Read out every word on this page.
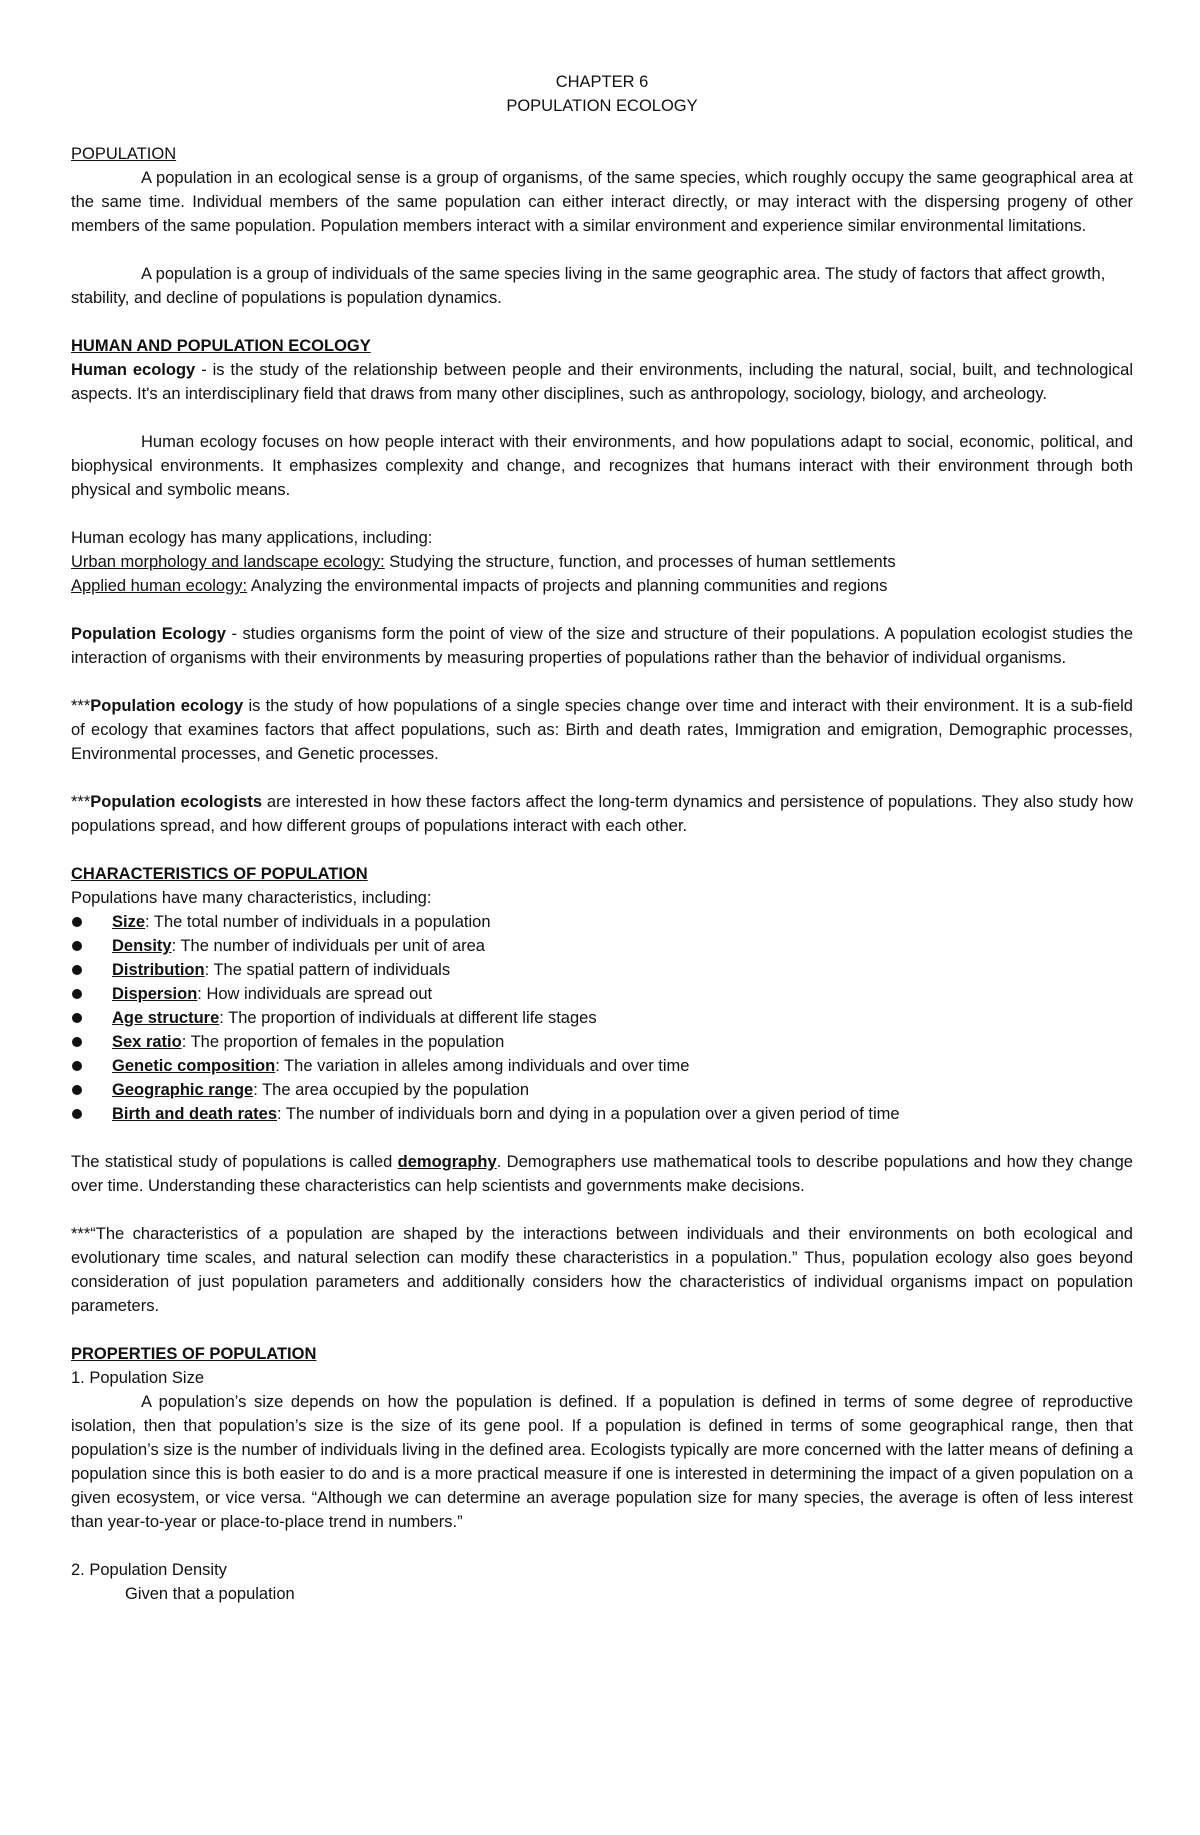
CHAPTER 6

POPULATION ECOLOGY

POPULATION

A population in an ecological sense is a group of organisms, of the same species, which roughly occupy the same geographical area at the same time. Individual members of the same population can either interact directly, or may interact with the dispersing progeny of other members of the same population. Population members interact with a similar environment and experience similar environmental limitations.

A population is a group of individuals of the same species living in the same geographic area. The study of factors that affect growth, stability, and decline of populations is population dynamics.

HUMAN AND POPULATION ECOLOGY

Human ecology - is the study of the relationship between people and their environments, including the natural, social, built, and technological aspects. It's an interdisciplinary field that draws from many other disciplines, such as anthropology, sociology, biology, and archeology.

Human ecology focuses on how people interact with their environments, and how populations adapt to social, economic, political, and biophysical environments. It emphasizes complexity and change, and recognizes that humans interact with their environment through both physical and symbolic means.

Human ecology has many applications, including:

Urban morphology and landscape ecology: Studying the structure, function, and processes of human settlements

Applied human ecology: Analyzing the environmental impacts of projects and planning communities and regions

Population Ecology - studies organisms form the point of view of the size and structure of their populations. A population ecologist studies the interaction of organisms with their environments by measuring properties of populations rather than the behavior of individual organisms.

***Population ecology is the study of how populations of a single species change over time and interact with their environment. It is a sub-field of ecology that examines factors that affect populations, such as: Birth and death rates, Immigration and emigration, Demographic processes, Environmental processes, and Genetic processes.

***Population ecologists are interested in how these factors affect the long-term dynamics and persistence of populations. They also study how populations spread, and how different groups of populations interact with each other.

CHARACTERISTICS OF POPULATION

Populations have many characteristics, including:

Size: The total number of individuals in a population
Density: The number of individuals per unit of area
Distribution: The spatial pattern of individuals
Dispersion: How individuals are spread out
Age structure: The proportion of individuals at different life stages
Sex ratio: The proportion of females in the population
Genetic composition: The variation in alleles among individuals and over time
Geographic range: The area occupied by the population
Birth and death rates: The number of individuals born and dying in a population over a given period of time

The statistical study of populations is called demography. Demographers use mathematical tools to describe populations and how they change over time. Understanding these characteristics can help scientists and governments make decisions.

***“The characteristics of a population are shaped by the interactions between individuals and their environments on both ecological and evolutionary time scales, and natural selection can modify these characteristics in a population.” Thus, population ecology also goes beyond consideration of just population parameters and additionally considers how the characteristics of individual organisms impact on population parameters.

PROPERTIES OF POPULATION

1. Population Size

A population’s size depends on how the population is defined. If a population is defined in terms of some degree of reproductive isolation, then that population’s size is the size of its gene pool. If a population is defined in terms of some geographical range, then that population’s size is the number of individuals living in the defined area. Ecologists typically are more concerned with the latter means of defining a population since this is both easier to do and is a more practical measure if one is interested in determining the impact of a given population on a given ecosystem, or vice versa. “Although we can determine an average population size for many species, the average is often of less interest than year-to-year or place-to-place trend in numbers.”

2. Population Density

Given that a population
